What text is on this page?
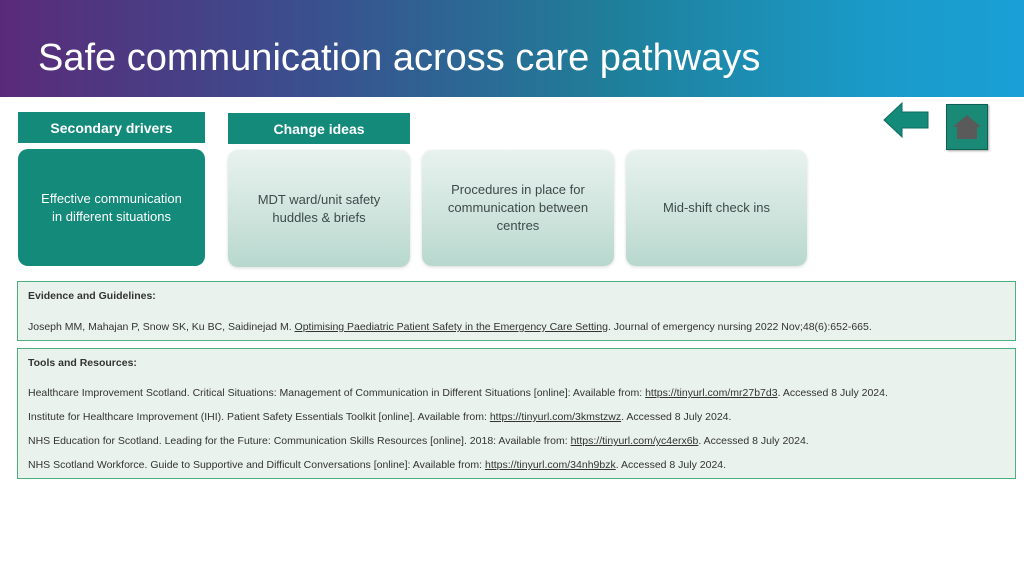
Safe communication across care pathways
Secondary drivers	Change ideas
Effective communication
in different situations
MDT ward/unit safety
huddles & briefs
Procedures in place for
communication between
centres
Mid-shift check ins
Evidence and Guidelines:
Joseph MM, Mahajan P, Snow SK, Ku BC, Saidinejad M. Optimising Paediatric Patient Safety in the Emergency Care Setting. Journal of emergency nursing 2022 Nov;48(6):652-665.
Tools and Resources:
Healthcare Improvement Scotland. Critical Situations: Management of Communication in Different Situations [online]: Available from: https://tinyurl.com/mr27b7d3. Accessed 8 July 2024.
Institute for Healthcare Improvement (IHI). Patient Safety Essentials Toolkit [online]. Available from: https://tinyurl.com/3kmstzwz. Accessed 8 July 2024.
NHS Education for Scotland. Leading for the Future: Communication Skills Resources [online]. 2018: Available from: https://tinyurl.com/yc4erx6b. Accessed 8 July 2024.
NHS Scotland Workforce. Guide to Supportive and Difficult Conversations [online]: Available from: https://tinyurl.com/34nh9bzk. Accessed 8 July 2024.
